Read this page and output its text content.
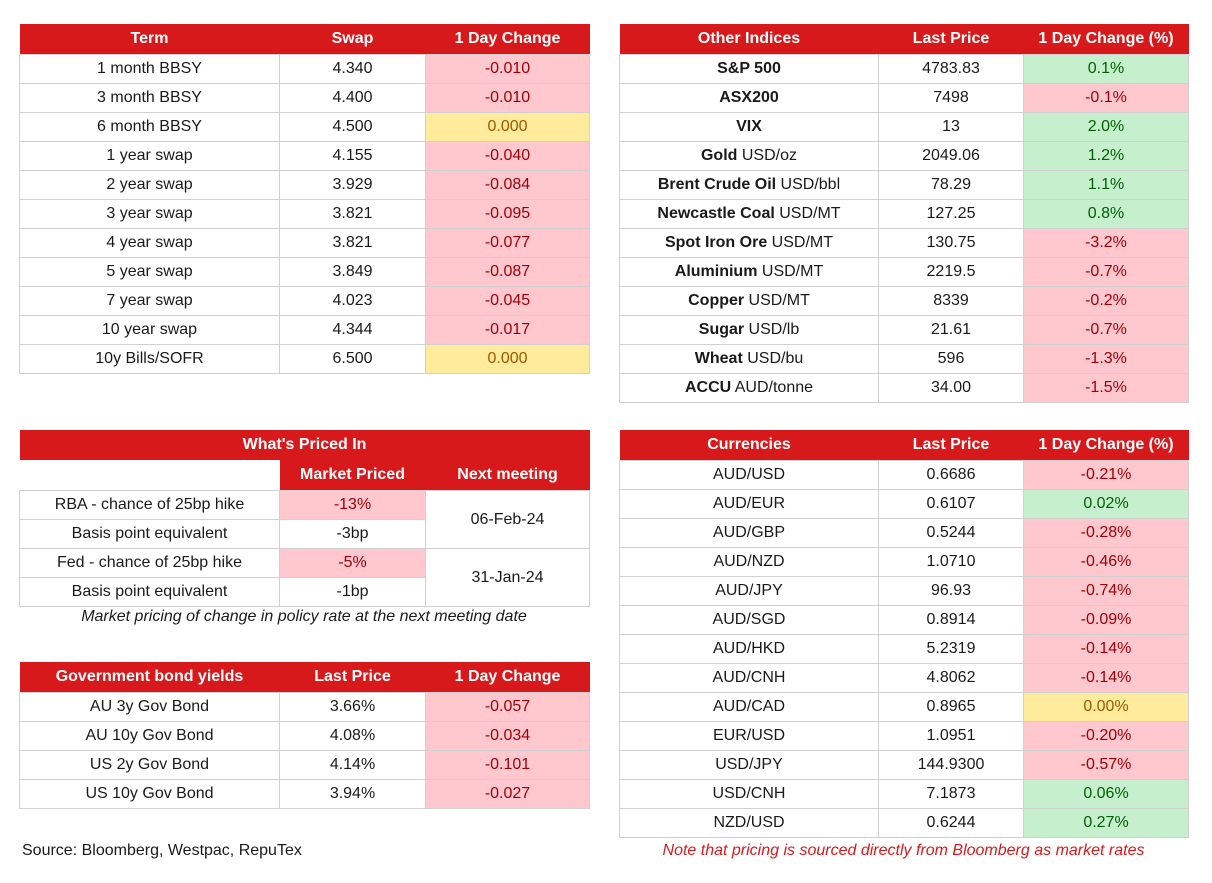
Term	Swap	1 Day Change
1 month BBSY	4.340	-0.010
3 month BBSY	4.400	-0.010
6 month BBSY	4.500	0.000
1 year swap	4.155	-0.040
2 year swap	3.929	-0.084
3 year swap	3.821	-0.095
4 year swap	3.821	-0.077
5 year swap	3.849	-0.087
7 year swap	4.023	-0.045
10 year swap	4.344	-0.017
10y Bills/SOFR	6.500	0.000
Other Indices	Last Price	1 Day Change (%)
S&P 500	4783.83	0.1%
ASX200	7498	-0.1%
VIX	13	2.0%
Gold USD/oz	2049.06	1.2%
Brent Crude Oil USD/bbl	78.29	1.1%
Newcastle Coal USD/MT	127.25	0.8%
Spot Iron Ore USD/MT	130.75	-3.2%
Aluminium USD/MT	2219.5	-0.7%
Copper USD/MT	8339	-0.2%
Sugar USD/lb	21.61	-0.7%
Wheat USD/bu	596	-1.3%
ACCU AUD/tonne	34.00	-1.5%
What's Priced In		
	Market Priced	Next meeting
RBA - chance of 25bp hike	-13%	06-Feb-24
Basis point equivalent	-3bp	
Fed - chance of 25bp hike	-5%	31-Jan-24
Basis point equivalent	-1bp	
Market pricing of change in policy rate at the next meeting date
Government bond yields	Last Price	1 Day Change
AU 3y Gov Bond	3.66%	-0.057
AU 10y Gov Bond	4.08%	-0.034
US 2y Gov Bond	4.14%	-0.101
US 10y Gov Bond	3.94%	-0.027
Currencies	Last Price	1 Day Change (%)
AUD/USD	0.6686	-0.21%
AUD/EUR	0.6107	0.02%
AUD/GBP	0.5244	-0.28%
AUD/NZD	1.0710	-0.46%
AUD/JPY	96.93	-0.74%
AUD/SGD	0.8914	-0.09%
AUD/HKD	5.2319	-0.14%
AUD/CNH	4.8062	-0.14%
AUD/CAD	0.8965	0.00%
EUR/USD	1.0951	-0.20%
USD/JPY	144.9300	-0.57%
USD/CNH	7.1873	0.06%
NZD/USD	0.6244	0.27%
Source: Bloomberg, Westpac, RepuTex	Note that pricing is sourced directly from Bloomberg as market rates
